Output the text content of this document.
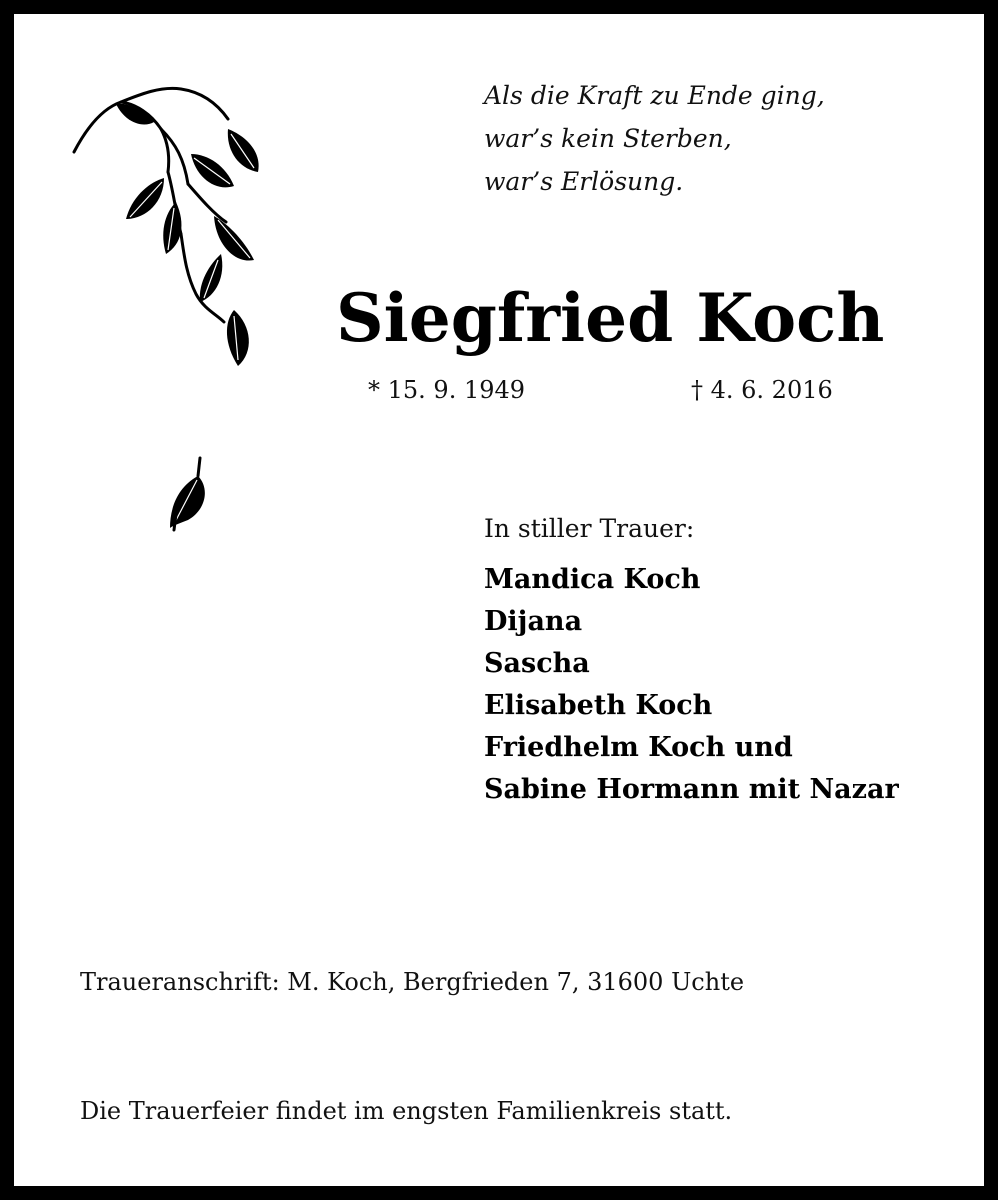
Als die Kraft zu Ende ging,
war’s kein Sterben,
war’s Erlösung.
Siegfried Koch
* 15. 9. 1949	† 4. 6. 2016
In stiller Trauer:
Mandica Koch
Dijana
Sascha
Elisabeth Koch
Friedhelm Koch und
Sabine Hormann mit Nazar
Traueranschrift: M. Koch, Bergfrieden 7, 31600 Uchte
Die Trauerfeier findet im engsten Familienkreis statt.
